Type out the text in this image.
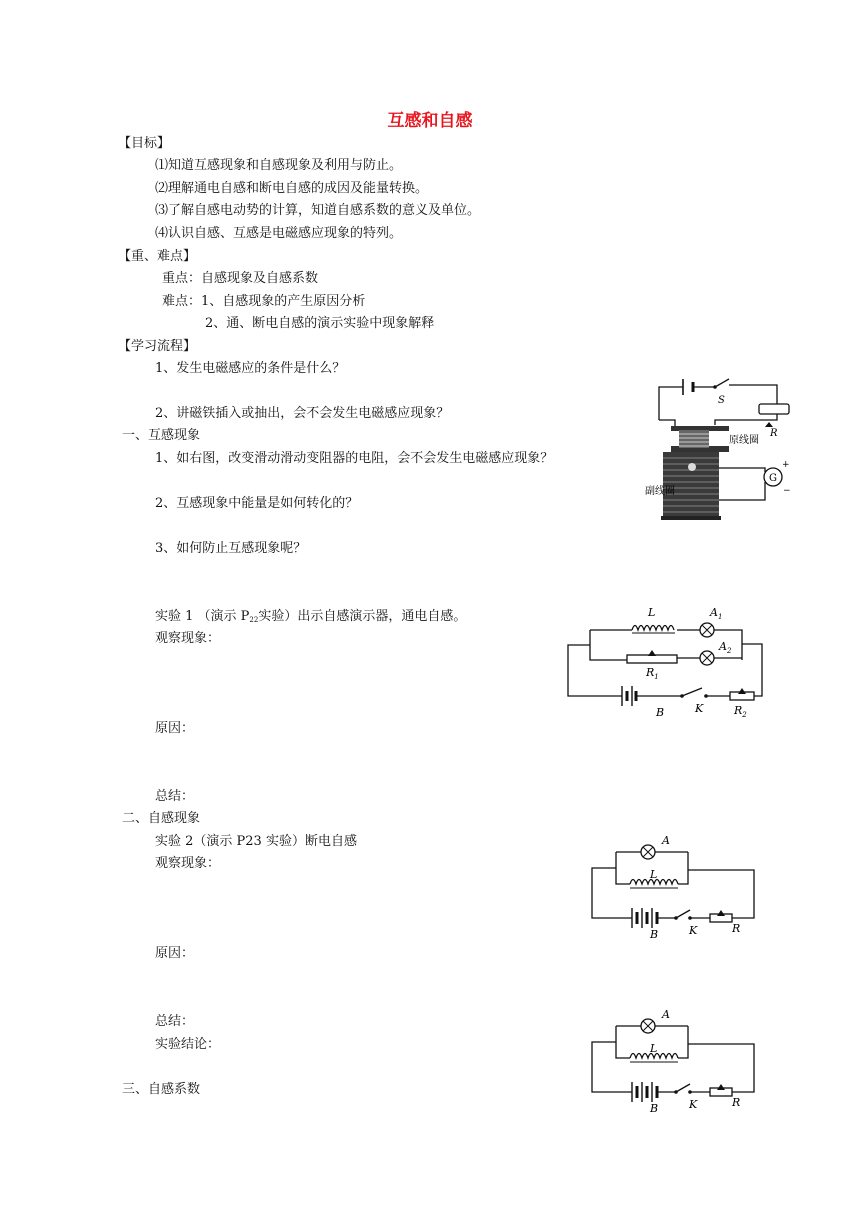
互感和自感
【目标】
⑴知道互感现象和自感现象及利用与防止。
⑵理解通电自感和断电自感的成因及能量转换。
⑶了解自感电动势的计算，知道自感系数的意义及单位。
⑷认识自感、互感是电磁感应现象的特列。
【重、难点】
重点：自感现象及自感系数
难点：1、自感现象的产生原因分析
2、通、断电自感的演示实验中现象解释
【学习流程】
1、发生电磁感应的条件是什么？
2、讲磁铁插入或抽出，会不会发生电磁感应现象？
一、互感现象
1、如右图，改变滑动滑动变阻器的电阻，会不会发生电磁感应现象？
2、互感现象中能量是如何转化的？
3、如何防止互感现象呢？
实验 1 （演示 $P_{22}$实验）出示自感演示器，通电自感。
观察现象：
原因：
总结：
二、自感现象
实验 2（演示 P23 实验）断电自感
观察现象：
原因：
总结：
实验结论：
三、自感系数
G
+
−
S
R
原线圈
副线圈
L	$A_1$
$A_2$
$R_1$
B	K	$R_2$
A
L
B	K	R
A
L
B	K	R
